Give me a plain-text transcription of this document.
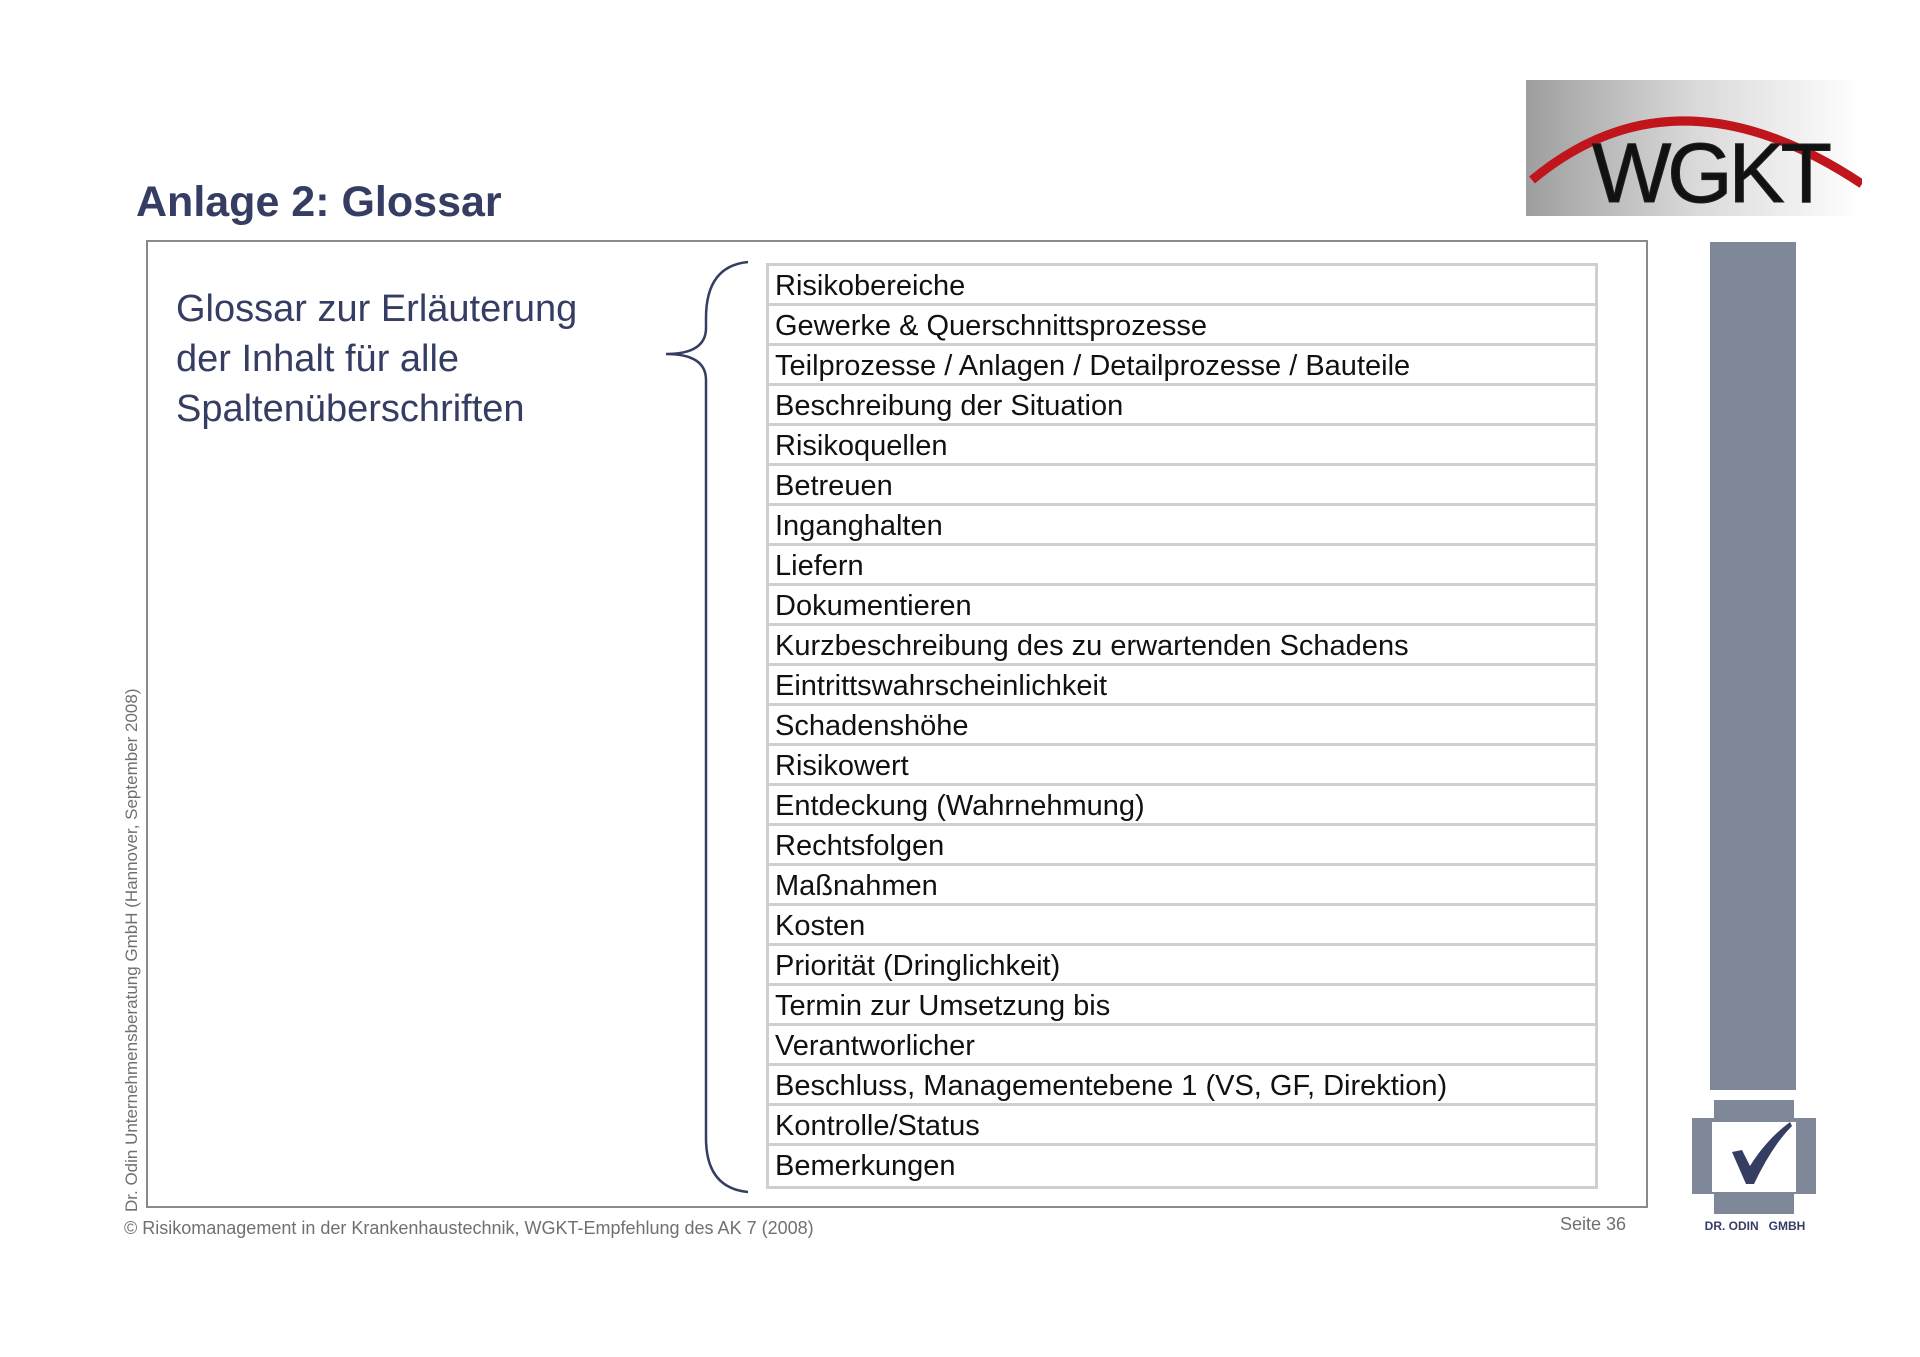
Anlage 2: Glossar	WGKT
Glossar zur Erläuterung
der Inhalt für alle
Spaltenüberschriften
Risikobereiche
Gewerke & Querschnittsprozesse
Teilprozesse / Anlagen / Detailprozesse / Bauteile
Beschreibung der Situation
Risikoquellen
Betreuen
Inganghalten
Liefern
Dokumentieren
Kurzbeschreibung des zu erwartenden Schadens
Eintrittswahrscheinlichkeit
Schadenshöhe
Risikowert
Entdeckung (Wahrnehmung)
Rechtsfolgen
Maßnahmen
Kosten
Priorität (Dringlichkeit)
Termin zur Umsetzung bis
Verantworlicher
Beschluss, Managementebene 1 (VS, GF, Direktion)
Kontrolle/Status
Bemerkungen
Dr. Odin Unternehmensberatung GmbH (Hannover, September 2008)
© Risikomanagement in der Krankenhaustechnik, WGKT-Empfehlung des AK 7 (2008)	Seite 36	DR. ODIN   GMBH
